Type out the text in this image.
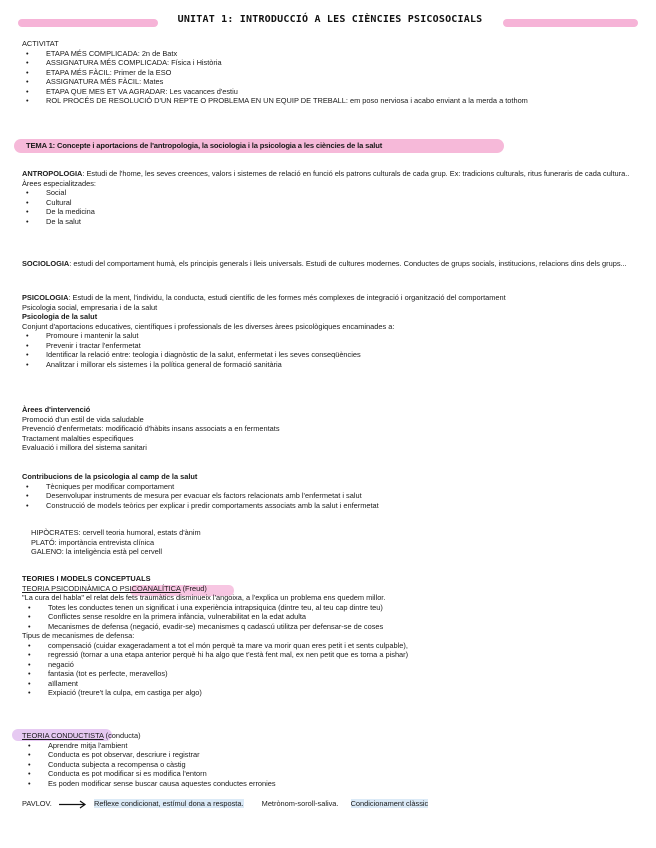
UNITAT 1: INTRODUCCIÓ A LES CIÈNCIES PSICOSOCIALS
ACTIVITAT
• ETAPA MÉS COMPLICADA: 2n de Batx
• ASSIGNATURA MÉS COMPLICADA: Física i Història
• ETAPA MÉS FÀCIL: Primer de la ESO
• ASSIGNATURA MÉS FÀCIL: Mates
• ETAPA QUE MES ET VA AGRADAR: Les vacances d'estiu
• ROL PROCÉS DE RESOLUCIÓ D'UN REPTE O PROBLEMA EN UN EQUIP DE TREBALL: em poso nerviosa i acabo enviant a la merda a tothom
TEMA 1: Concepte i aportacions de l'antropologia, la sociologia i la psicologia a les ciències de la salut
ANTROPOLOGIA: Estudi de l'home, les seves creences, valors i sistemes de relació en funció els patrons culturals de cada grup. Ex: tradicions culturals, ritus funeraris de cada cultura..
Àrees especialitzades:
• Social
• Cultural
• De la medicina
• De la salut
SOCIOLOGIA: estudi del comportament humà, els principis generals i lleis universals. Estudi de cultures modernes. Conductes de grups socials, institucions, relacions dins dels grups...
PSICOLOGIA: Estudi de la ment, l'individu, la conducta, estudi científic de les formes més complexes de integració i organització del comportament
Psicologia social, empresaria i de la salut
Psicologia de la salut
Conjunt d'aportacions educatives, científiques i professionals de les diverses àrees psicològiques encaminades a:
• Promoure i mantenir la salut
• Prevenir i tractar l'enfermetat
• Identificar la relació entre: teologia i diagnòstic de la salut, enfermetat i les seves conseqüències
• Analitzar i millorar els sistemes i la política general de formació sanitària
Àrees d'intervenció
Promoció d'un estil de vida saludable
Prevenció d'enfermetats: modificació d'hàbits insans associats a en fermentats
Tractament malalties especifiques
Evaluació i millora del sistema sanitari
Contribucions de la psicologia al camp de la salut
• Tècniques per modificar comportament
• Desenvolupar instruments de mesura per evacuar els factors relacionats amb l'enfermetat i salut
• Construcció de models teòrics per explicar i predir comportaments associats amb la salut i enfermetat
HIPÒCRATES: cervell teoria humoral, estats d'ànim
PLATÓ: importància entrevista clínica
GALENO: la inteligència està pel cervell
TEORIES I MODELS CONCEPTUALS
TEORIA PSICODINÀMICA O PSICOANALÍTICA (Freud)
"La cura del habla" el relat dels fets traumàtics disminueix l'angoixa, a l'explica un problema ens quedem millor.
• Totes les conductes tenen un significat i una experiència intrapsiquica (dintre teu, al teu cap dintre teu)
• Conflictes sense resoldre en la primera infància, vulnerabilitat en la edat adulta
• Mecanismes de defensa (negació, evadir-se) mecanismes q cadascú utilitza per defensar-se de coses
Tipus de mecanismes de defensa:
• compensació (cuidar exageradament a tot el món perquè ta mare va morir quan eres petit i et sents culpable),
• regressió (tornar a una etapa anterior perquè hi ha algo que t'està fent mal, ex nen petit que es torna a pishar)
• negació
• fantasia (tot es perfecte, meravellos)
• aïllament
• Expiació (treure't la culpa, em castiga per algo)
TEORIA CONDUCTISTA (conducta)
• Aprendre mitja l'ambient
• Conducta es pot observar, descriure i registrar
• Conducta subjecta a recompensa o càstig
• Conducta es pot modificar si es modifica l'entorn
• Es poden modificar sense buscar causa aquestes conductes erronies
PAVLOV.	Reflexe condicionat, estímul dona a resposta. Metrònom-soroll-saliva. Condicionament clàssic
